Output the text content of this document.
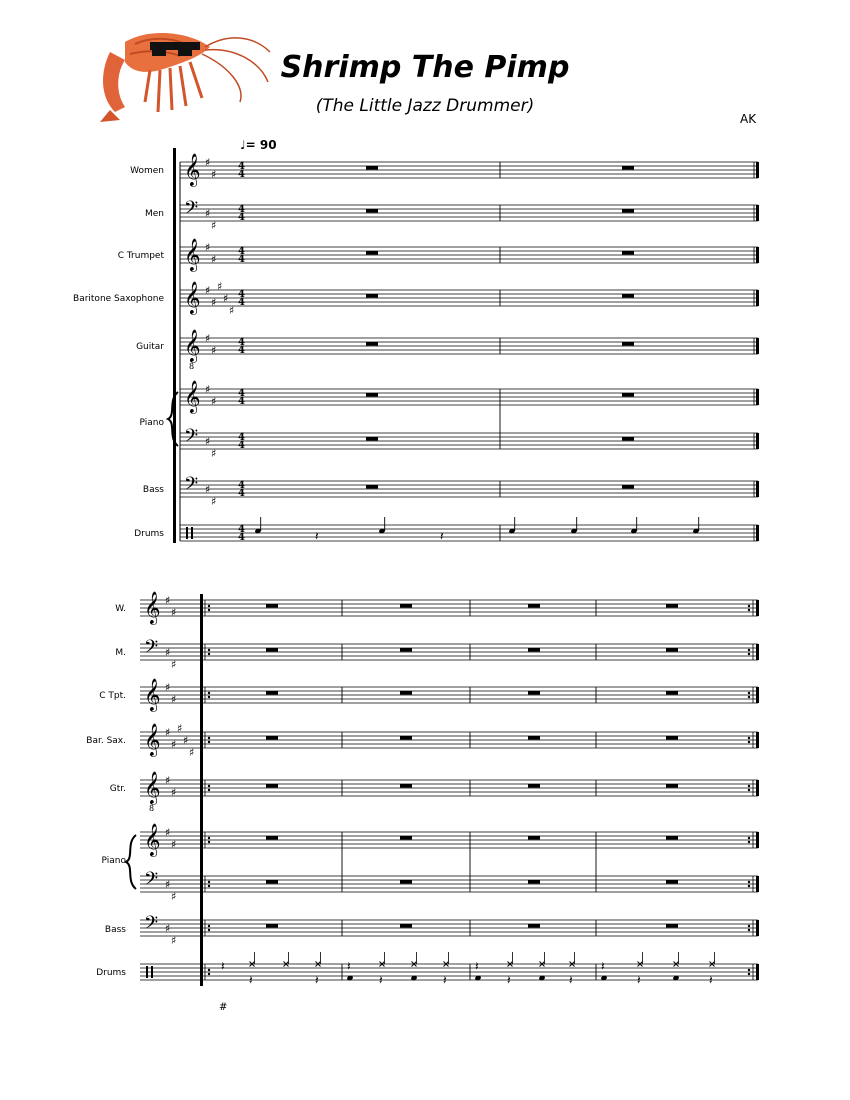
Shrimp The Pimp
(The Little Jazz Drummer)
AK
♩= 90
Women
Men
C Trumpet
Baritone Saxophone
Guitar
Piano
Bass
Drums
W.
M.
C Tpt.
Bar. Sax.
Gtr.
Piano
Bass
Drums
𝄞 ♯
♯
4
4
𝄢 ♯
♯
4
4
𝄞 ♯
♯
4
4
𝄞 ♯
♯
♯
♯
♯
4
4
𝄞
8
♯
♯
4
4
𝄞 ♯
♯
4
4
𝄢 ♯
♯
4
4
𝄢 ♯
♯
4
4
4
4	𝄽	𝄽
𝄞 ♯
♯
𝄢 ♯
♯
𝄞 ♯
♯
𝄞 ♯
♯
♯
♯
♯
𝄞
8
♯
♯
𝄞 ♯
♯
𝄢 ♯
♯
𝄢 ♯
♯
𝄽
𝄽	𝄽
𝄽
𝄽	𝄽
𝄽
𝄽	𝄽
𝄽
𝄽	𝄽
#
